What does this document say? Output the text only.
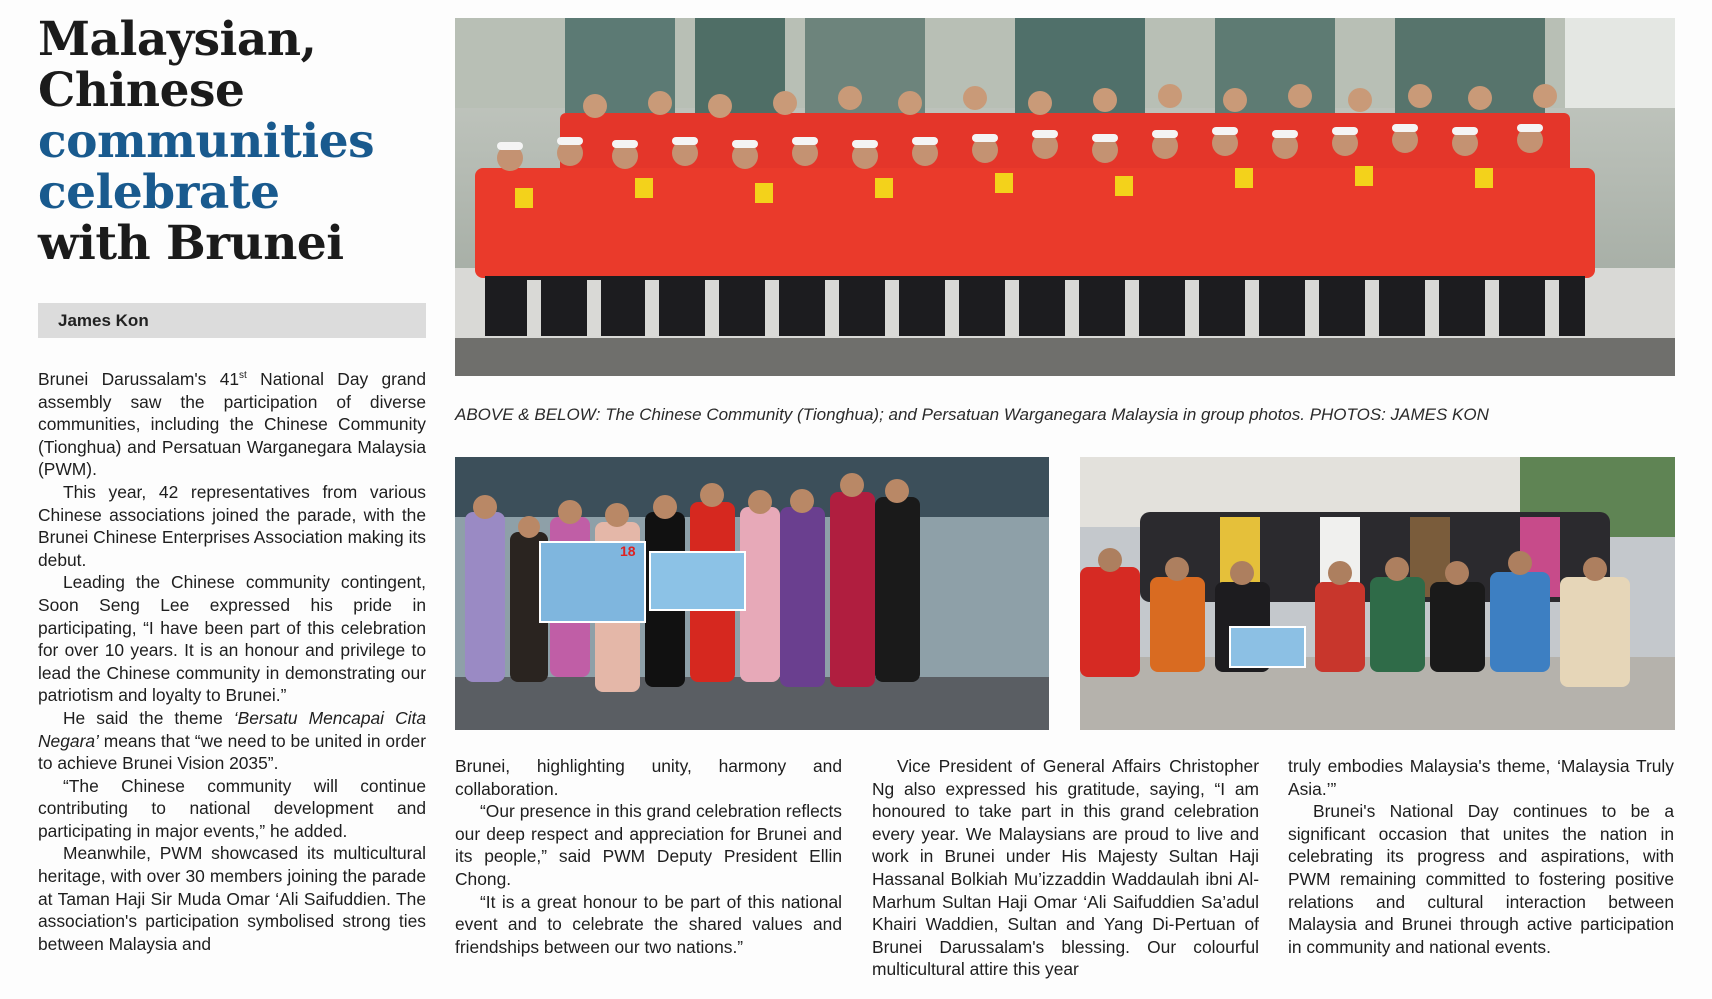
Malaysian,
Chinese
communities
celebrate
with Brunei
James Kon

Brunei Darussalam's 41st National Day grand assembly saw the participation of diverse communities, including the Chinese Community (Tionghua) and Persatuan Warganegara Malaysia (PWM).

This year, 42 representatives from various Chinese associations joined the parade, with the Brunei Chinese Enterprises Association making its debut.

Leading the Chinese community contingent, Soon Seng Lee expressed his pride in participating, “I have been part of this celebration for over 10 years. It is an honour and privilege to lead the Chinese community in demonstrating our patriotism and loyalty to Brunei.”

He said the theme ‘Bersatu Mencapai Cita Negara’ means that “we need to be united in order to achieve Brunei Vision 2035”.

“The Chinese community will continue contributing to national development and participating in major events,” he added.

Meanwhile, PWM showcased its multicultural heritage, with over 30 members joining the parade at Taman Haji Sir Muda Omar ‘Ali Saifuddien. The association's participation symbolised strong ties between Malaysia and

ABOVE & BELOW: The Chinese Community (Tionghua); and Persatuan Warganegara Malaysia in group photos. PHOTOS: JAMES KON
18

Brunei, highlighting unity, harmony and collaboration.

“Our presence in this grand celebration reflects our deep respect and appreciation for Brunei and its people,” said PWM Deputy President Ellin Chong.

“It is a great honour to be part of this national event and to celebrate the shared values and friendships between our two nations.”

Vice President of General Affairs Christopher Ng also expressed his gratitude, saying, “I am honoured to take part in this grand celebration every year. We Malaysians are proud to live and work in Brunei under His Majesty Sultan Haji Hassanal Bolkiah Mu’izzaddin Waddaulah ibni Al-Marhum Sultan Haji Omar ‘Ali Saifuddien Sa’adul Khairi Waddien, Sultan and Yang Di-Pertuan of Brunei Darussalam's blessing. Our colourful multicultural attire this year

truly embodies Malaysia's theme, ‘Malaysia Truly Asia.’”

Brunei's National Day continues to be a significant occasion that unites the nation in celebrating its progress and aspirations, with PWM remaining committed to fostering positive relations and cultural interaction between Malaysia and Brunei through active participation in community and national events.
